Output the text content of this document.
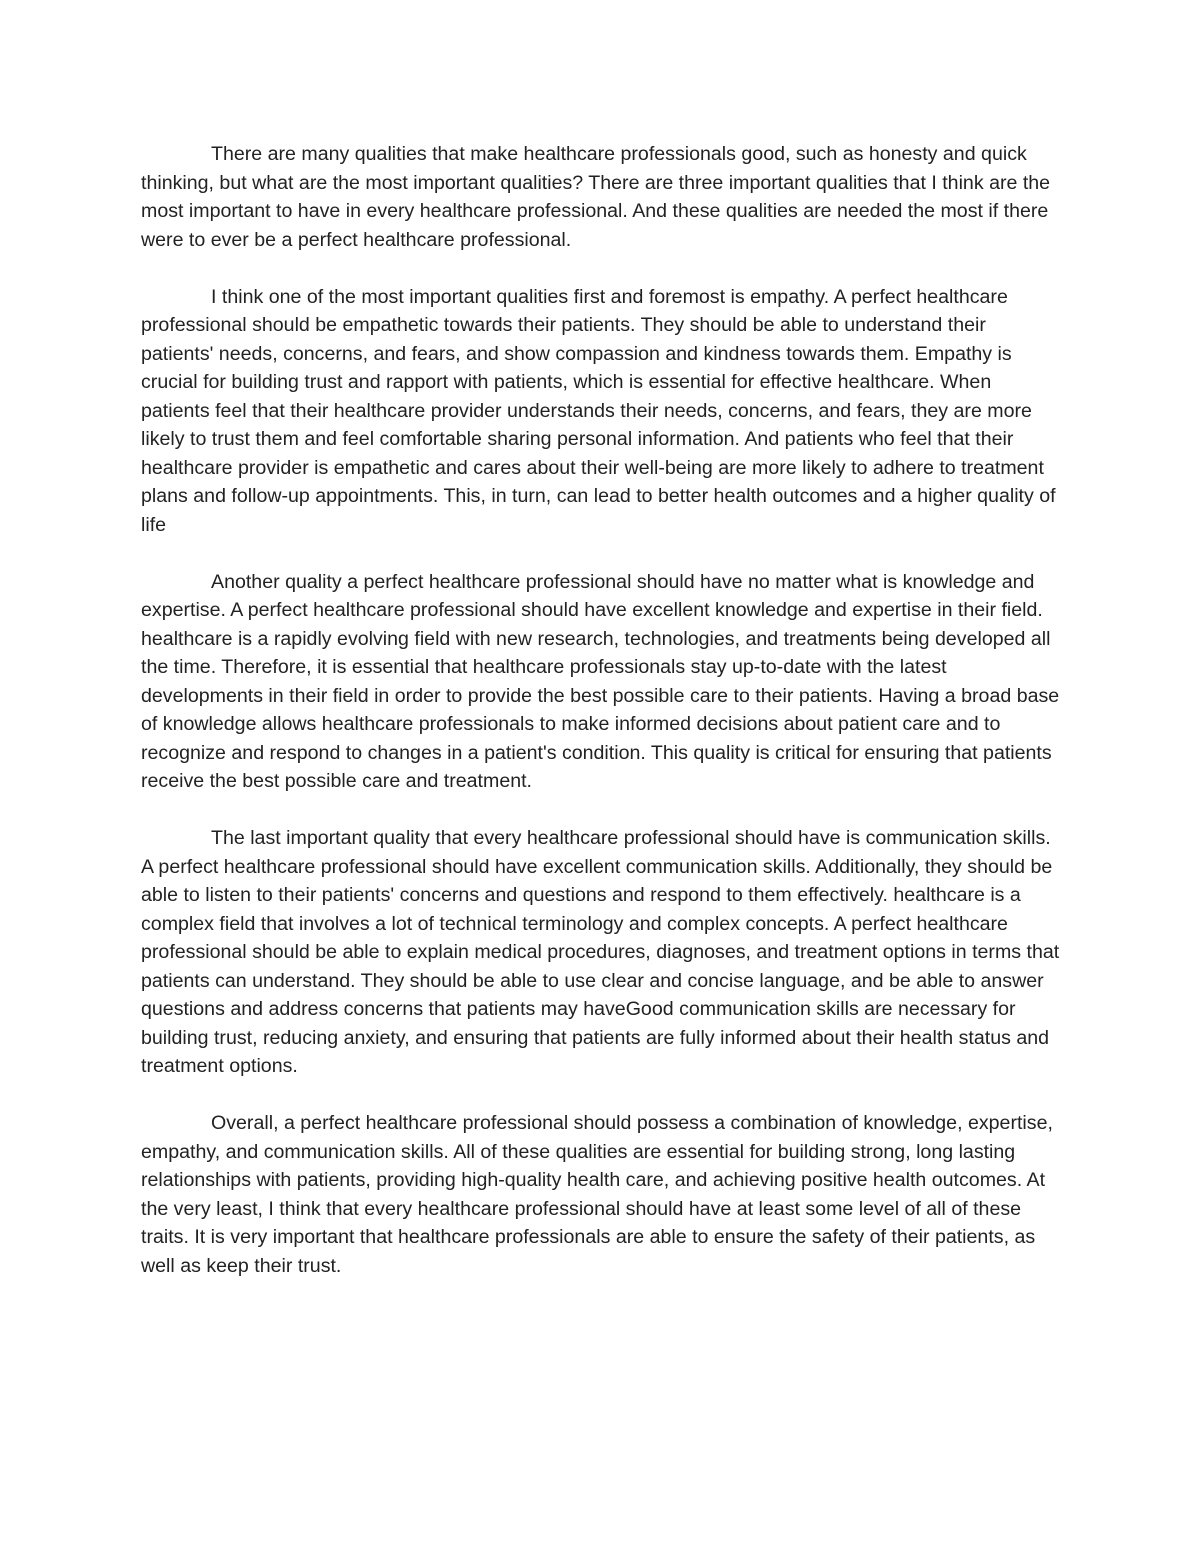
There are many qualities that make healthcare professionals good, such as honesty and quick thinking, but what are the most important qualities? There are three important qualities that I think are the most important to have in every healthcare professional. And these qualities are needed the most if there were to ever be a perfect healthcare professional.

I think one of the most important qualities first and foremost is empathy. A perfect healthcare professional should be empathetic towards their patients. They should be able to understand their patients' needs, concerns, and fears, and show compassion and kindness towards them. Empathy is crucial for building trust and rapport with patients, which is essential for effective healthcare. When patients feel that their healthcare provider understands their needs, concerns, and fears, they are more likely to trust them and feel comfortable sharing personal information. And patients who feel that their healthcare provider is empathetic and cares about their well-being are more likely to adhere to treatment plans and follow-up appointments. This, in turn, can lead to better health outcomes and a higher quality of life

Another quality a perfect healthcare professional should have no matter what is knowledge and expertise. A perfect healthcare professional should have excellent knowledge and expertise in their field. healthcare is a rapidly evolving field with new research, technologies, and treatments being developed all the time. Therefore, it is essential that healthcare professionals stay up-to-date with the latest developments in their field in order to provide the best possible care to their patients. Having a broad base of knowledge allows healthcare professionals to make informed decisions about patient care and to recognize and respond to changes in a patient's condition. This quality is critical for ensuring that patients receive the best possible care and treatment.

The last important quality that every healthcare professional should have is communication skills. A perfect healthcare professional should have excellent communication skills. Additionally, they should be able to listen to their patients' concerns and questions and respond to them effectively. healthcare is a complex field that involves a lot of technical terminology and complex concepts. A perfect healthcare professional should be able to explain medical procedures, diagnoses, and treatment options in terms that patients can understand. They should be able to use clear and concise language, and be able to answer questions and address concerns that patients may haveGood communication skills are necessary for building trust, reducing anxiety, and ensuring that patients are fully informed about their health status and treatment options.

Overall, a perfect healthcare professional should possess a combination of knowledge, expertise, empathy, and communication skills. All of these qualities are essential for building strong, long lasting relationships with patients, providing high-quality health care, and achieving positive health outcomes. At the very least, I think that every healthcare professional should have at least some level of all of these traits. It is very important that healthcare professionals are able to ensure the safety of their patients, as well as keep their trust.
